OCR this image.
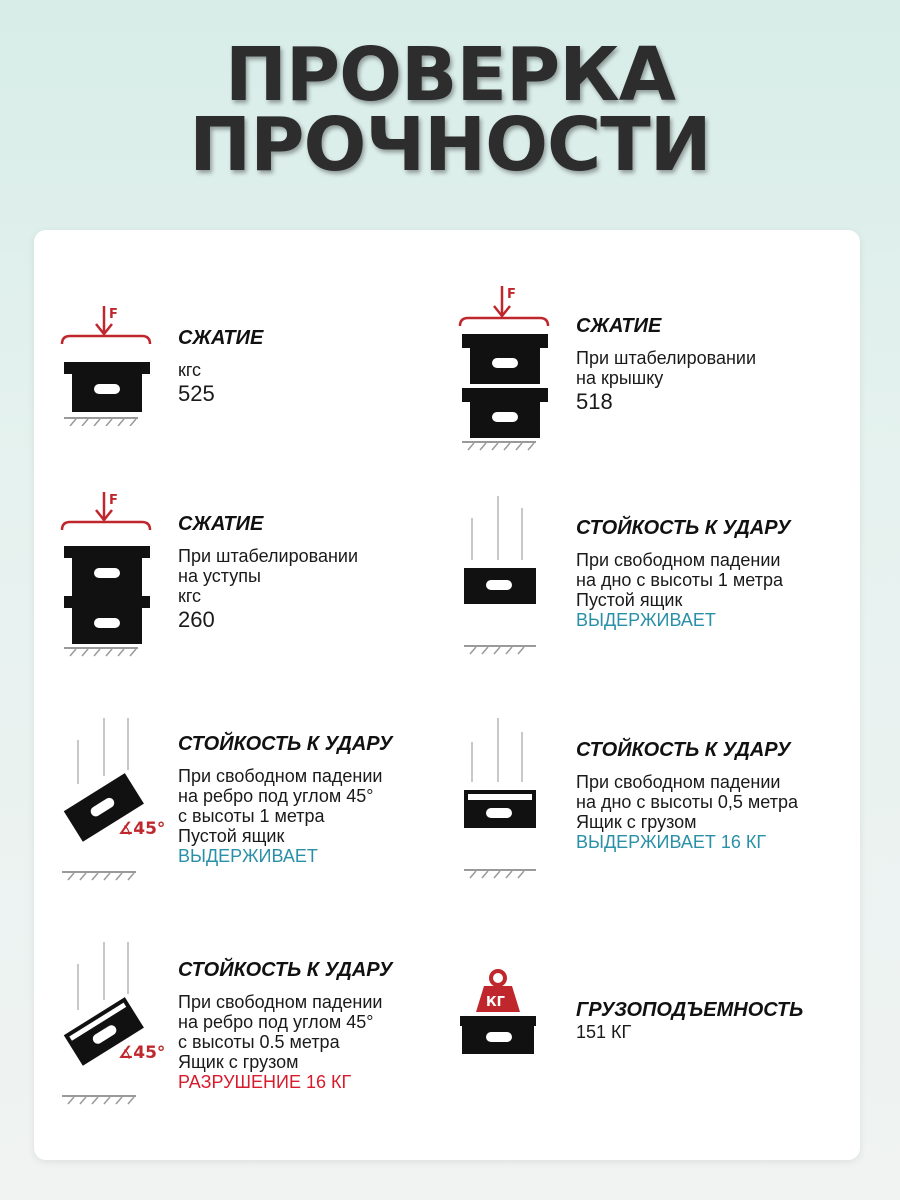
ПРОВЕРКА
ПРОЧНОСТИ
F
СЖАТИЕ
кгс
525
F
СЖАТИЕ
При штабелировании
на крышку
518
F
СЖАТИЕ
При штабелировании
на уступы
кгс
260
СТОЙКОСТЬ К УДАРУ
При свободном падении
на дно с высоты 1 метра
Пустой ящик
ВЫДЕРЖИВАЕТ
∡45°
СТОЙКОСТЬ К УДАРУ
При свободном падении
на ребро под углом 45°
с высоты 1 метра
Пустой ящик
ВЫДЕРЖИВАЕТ
СТОЙКОСТЬ К УДАРУ
При свободном падении
на дно с высоты 0,5 метра
Ящик с грузом
ВЫДЕРЖИВАЕТ 16 КГ
∡45°
СТОЙКОСТЬ К УДАРУ
При свободном падении
на ребро под углом 45°
с высоты 0.5 метра
Ящик с грузом
РАЗРУШЕНИЕ 16 КГ
КГ	ГРУЗОПОДЪЕМНОСТЬ
151 КГ
